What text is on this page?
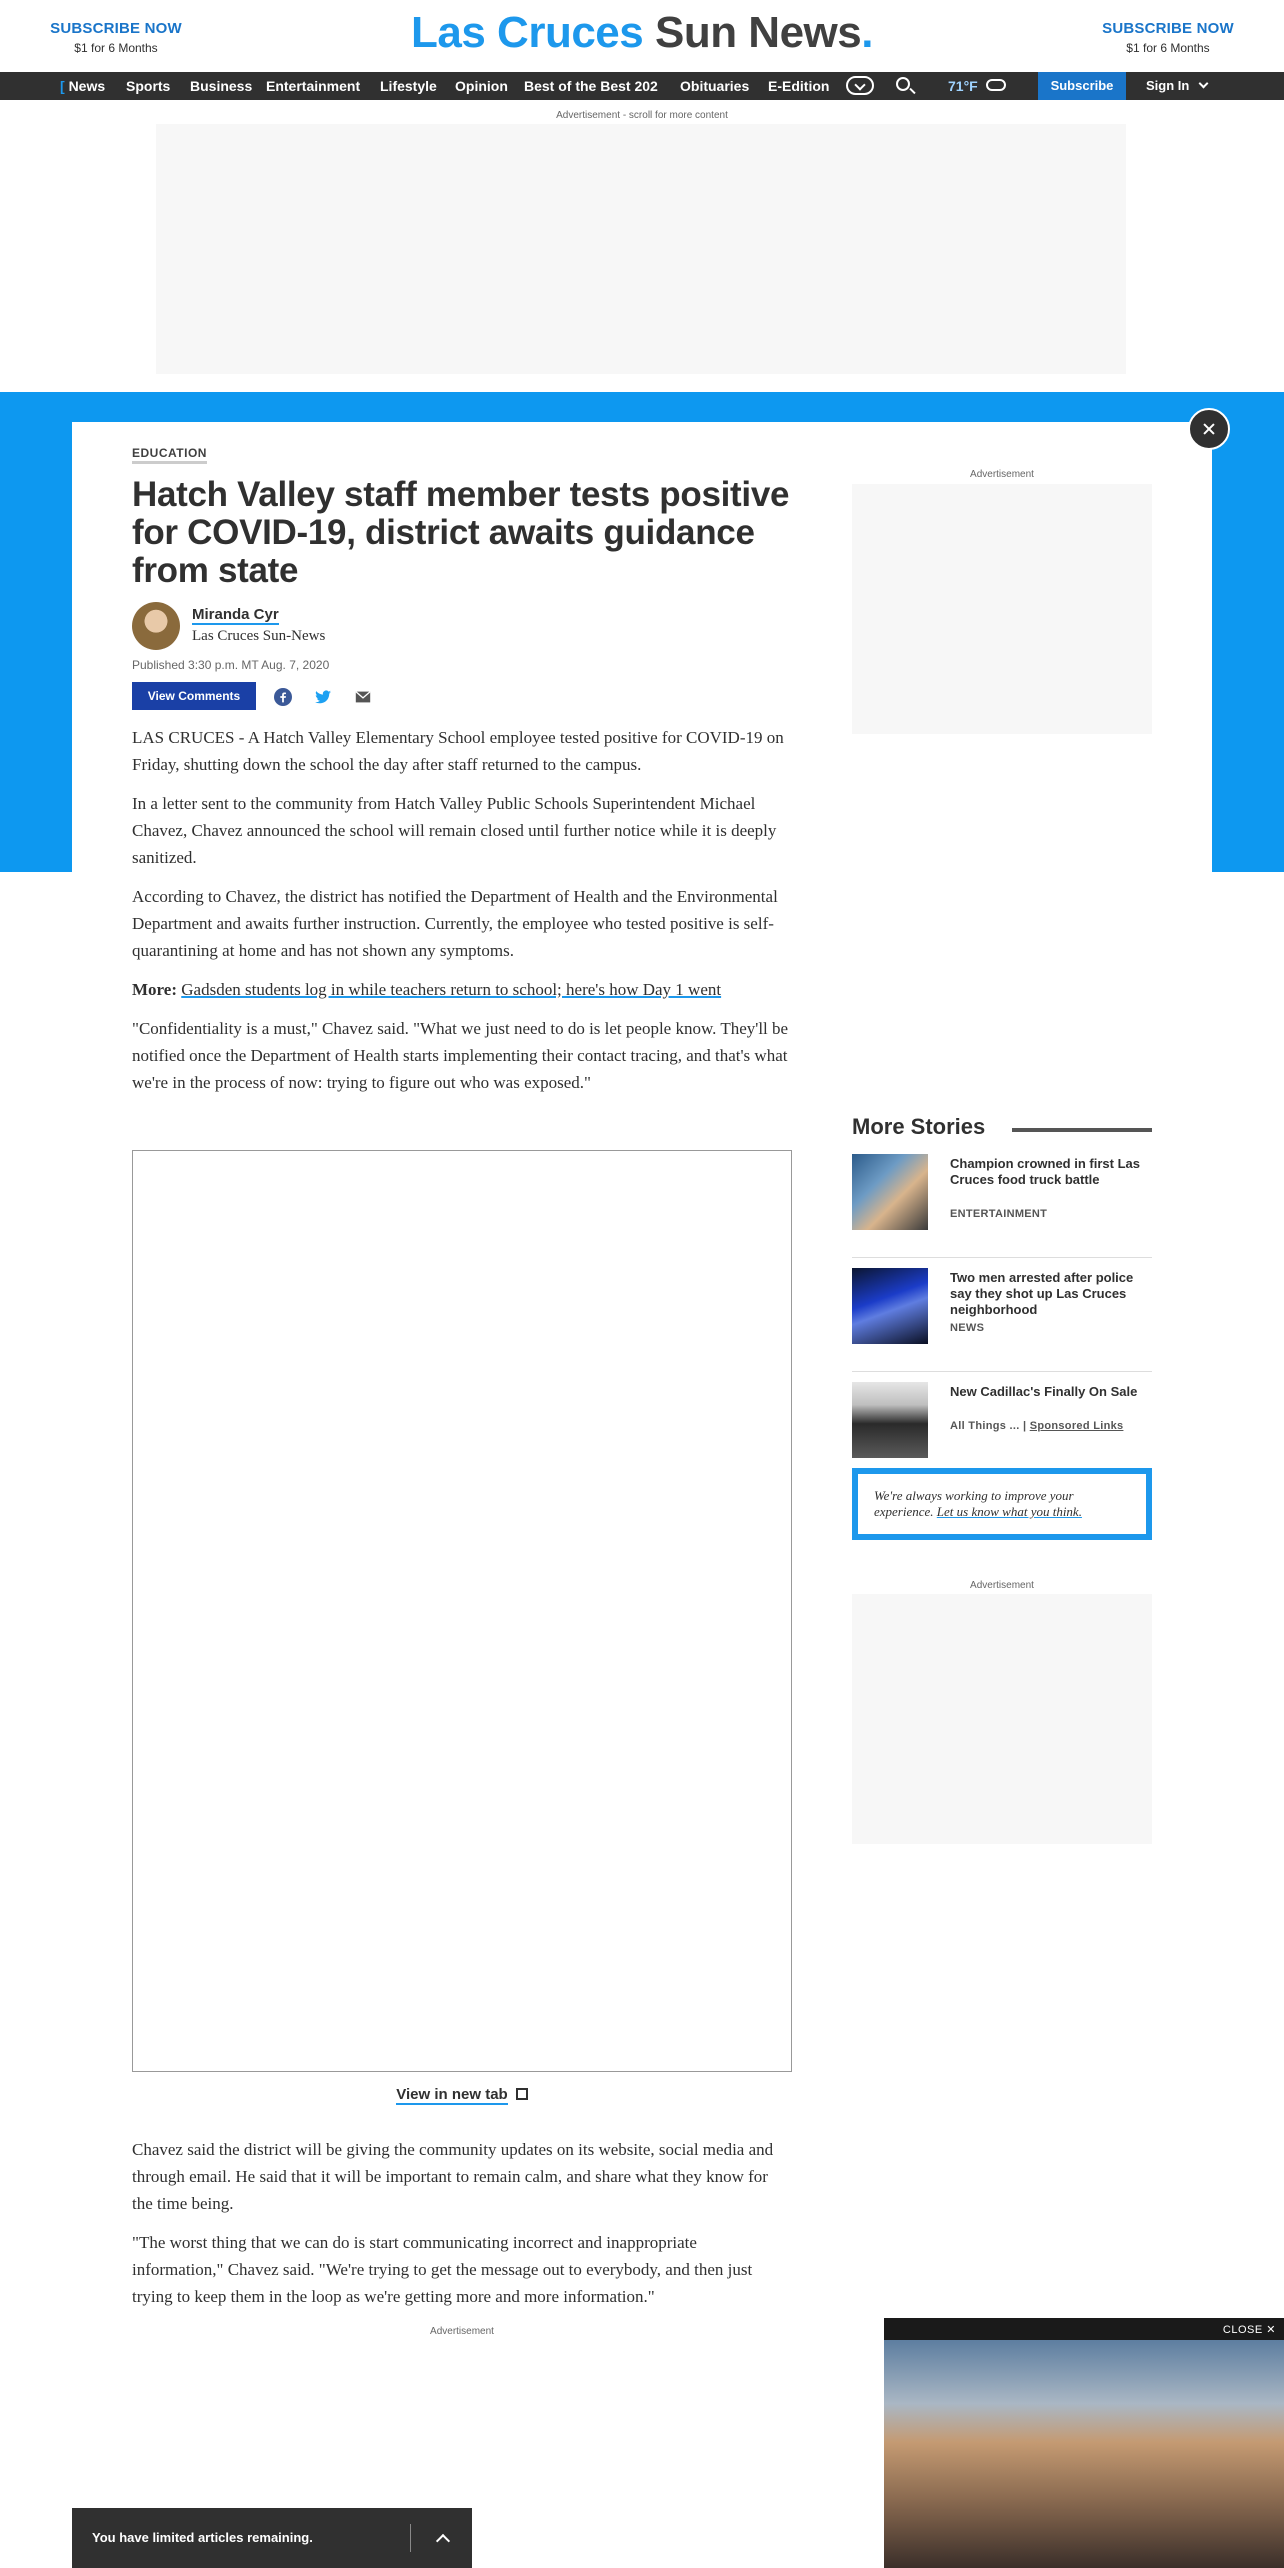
SUBSCRIBE NOW
$1 for 6 Months	Las Cruces Sun News.	SUBSCRIBE NOW
$1 for 6 Months
[ News Sports Business Entertainment Lifestyle Opinion Best of the Best 202 Obituaries E-Edition	71°F	Subscribe	Sign In
Advertisement - scroll for more content
EDUCATION
Hatch Valley staff member tests positive for COVID-19, district awaits guidance from state
Miranda Cyr
Las Cruces Sun-News
Published 3:30 p.m. MT Aug. 7, 2020
View Comments

LAS CRUCES - A Hatch Valley Elementary School employee tested positive for COVID-19 on Friday, shutting down the school the day after staff returned to the campus.

In a letter sent to the community from Hatch Valley Public Schools Superintendent Michael Chavez, Chavez announced the school will remain closed until further notice while it is deeply sanitized.

According to Chavez, the district has notified the Department of Health and the Environmental Department and awaits further instruction. Currently, the employee who tested positive is self-quarantining at home and has not shown any symptoms.

More: Gadsden students log in while teachers return to school; here's how Day 1 went

"Confidentiality is a must," Chavez said. "What we just need to do is let people know. They'll be notified once the Department of Health starts implementing their contact tracing, and that's what we're in the process of now: trying to figure out who was exposed."

View in new tab

Chavez said the district will be giving the community updates on its website, social media and through email. He said that it will be important to remain calm, and share what they know for the time being.

"The worst thing that we can do is start communicating incorrect and inappropriate information," Chavez said. "We're trying to get the message out to everybody, and then just trying to keep them in the loop as we're getting more and more information."

Advertisement
Advertisement
More Stories
Champion crowned in first Las Cruces food truck battle
ENTERTAINMENT
Two men arrested after police say they shot up Las Cruces neighborhood
NEWS
New Cadillac's Finally On Sale
All Things ... | Sponsored Links
We're always working to improve your experience. Let us know what you think.
Advertisement
You have limited articles remaining.
CLOSE ✕
